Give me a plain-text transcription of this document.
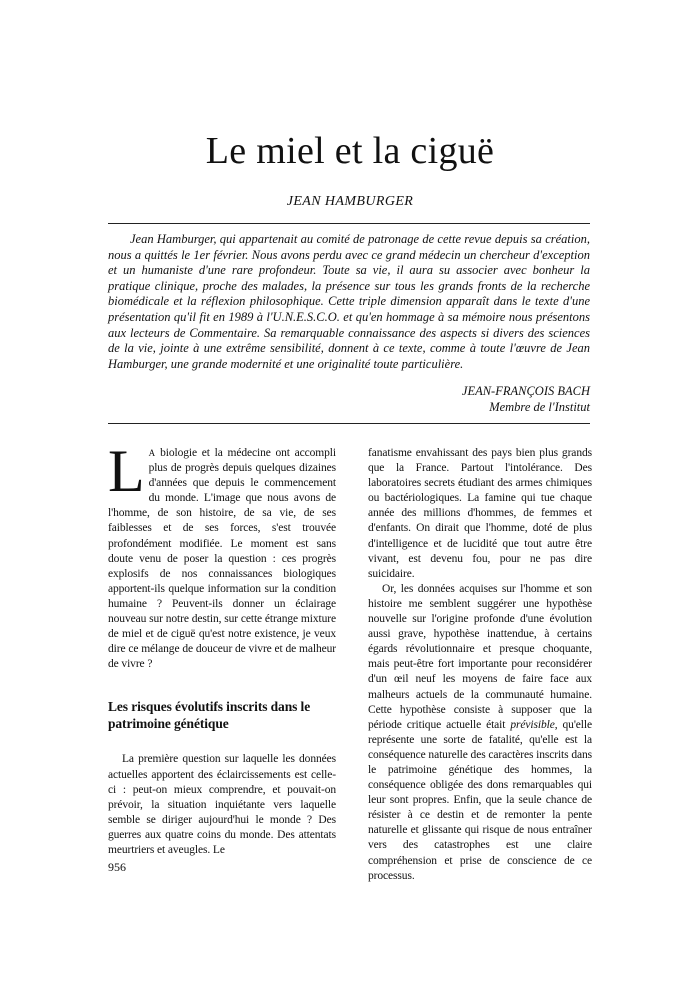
Le miel et la ciguë
JEAN HAMBURGER

Jean Hamburger, qui appartenait au comité de patronage de cette revue depuis sa création, nous a quittés le 1er février. Nous avons perdu avec ce grand médecin un chercheur d'exception et un humaniste d'une rare profondeur. Toute sa vie, il aura su associer avec bonheur la pratique clinique, proche des malades, la présence sur tous les grands fronts de la recherche biomédicale et la réflexion philosophique. Cette triple dimension apparaît dans le texte d'une présentation qu'il fit en 1989 à l'U.N.E.S.C.O. et qu'en hommage à sa mémoire nous présentons aux lecteurs de Commentaire. Sa remarquable connaissance des aspects si divers des sciences de la vie, jointe à une extrême sensibilité, donnent à ce texte, comme à toute l'œuvre de Jean Hamburger, une grande modernité et une originalité toute particulière.

JEAN-FRANÇOIS BACH
Membre de l'Institut

L A biologie et la médecine ont accompli plus de progrès depuis quelques dizaines d'années que depuis le commencement du monde. L'image que nous avons de l'homme, de son histoire, de sa vie, de ses faiblesses et de ses forces, s'est trouvée profondément modifiée. Le moment est sans doute venu de poser la question : ces progrès explosifs de nos connaissances biologiques apportent-ils quelque information sur la condition humaine ? Peuvent-ils donner un éclairage nouveau sur notre destin, sur cette étrange mixture de miel et de ciguë qu'est notre existence, je veux dire ce mélange de douceur de vivre et de malheur de vivre ?

Les risques évolutifs inscrits dans le patrimoine génétique

La première question sur laquelle les données actuelles apportent des éclaircissements est celle-ci : peut-on mieux comprendre, et pouvait-on prévoir, la situation inquiétante vers laquelle semble se diriger aujourd'hui le monde ? Des guerres aux quatre coins du monde. Des attentats meurtriers et aveugles. Le

fanatisme envahissant des pays bien plus grands que la France. Partout l'intolérance. Des laboratoires secrets étudiant des armes chimiques ou bactériologiques. La famine qui tue chaque année des millions d'hommes, de femmes et d'enfants. On dirait que l'homme, doté de plus d'intelligence et de lucidité que tout autre être vivant, est devenu fou, pour ne pas dire suicidaire.

Or, les données acquises sur l'homme et son histoire me semblent suggérer une hypothèse nouvelle sur l'origine profonde d'une évolution aussi grave, hypothèse inattendue, à certains égards révolutionnaire et presque choquante, mais peut-être fort importante pour reconsidérer d'un œil neuf les moyens de faire face aux malheurs actuels de la communauté humaine. Cette hypothèse consiste à supposer que la période critique actuelle était prévisible, qu'elle représente une sorte de fatalité, qu'elle est la conséquence naturelle des caractères inscrits dans le patrimoine génétique des hommes, la conséquence obligée des dons remarquables qui leur sont propres. Enfin, que la seule chance de résister à ce destin et de remonter la pente naturelle et glissante qui risque de nous entraîner vers des catastrophes est une claire compréhension et prise de conscience de ce processus.

956
